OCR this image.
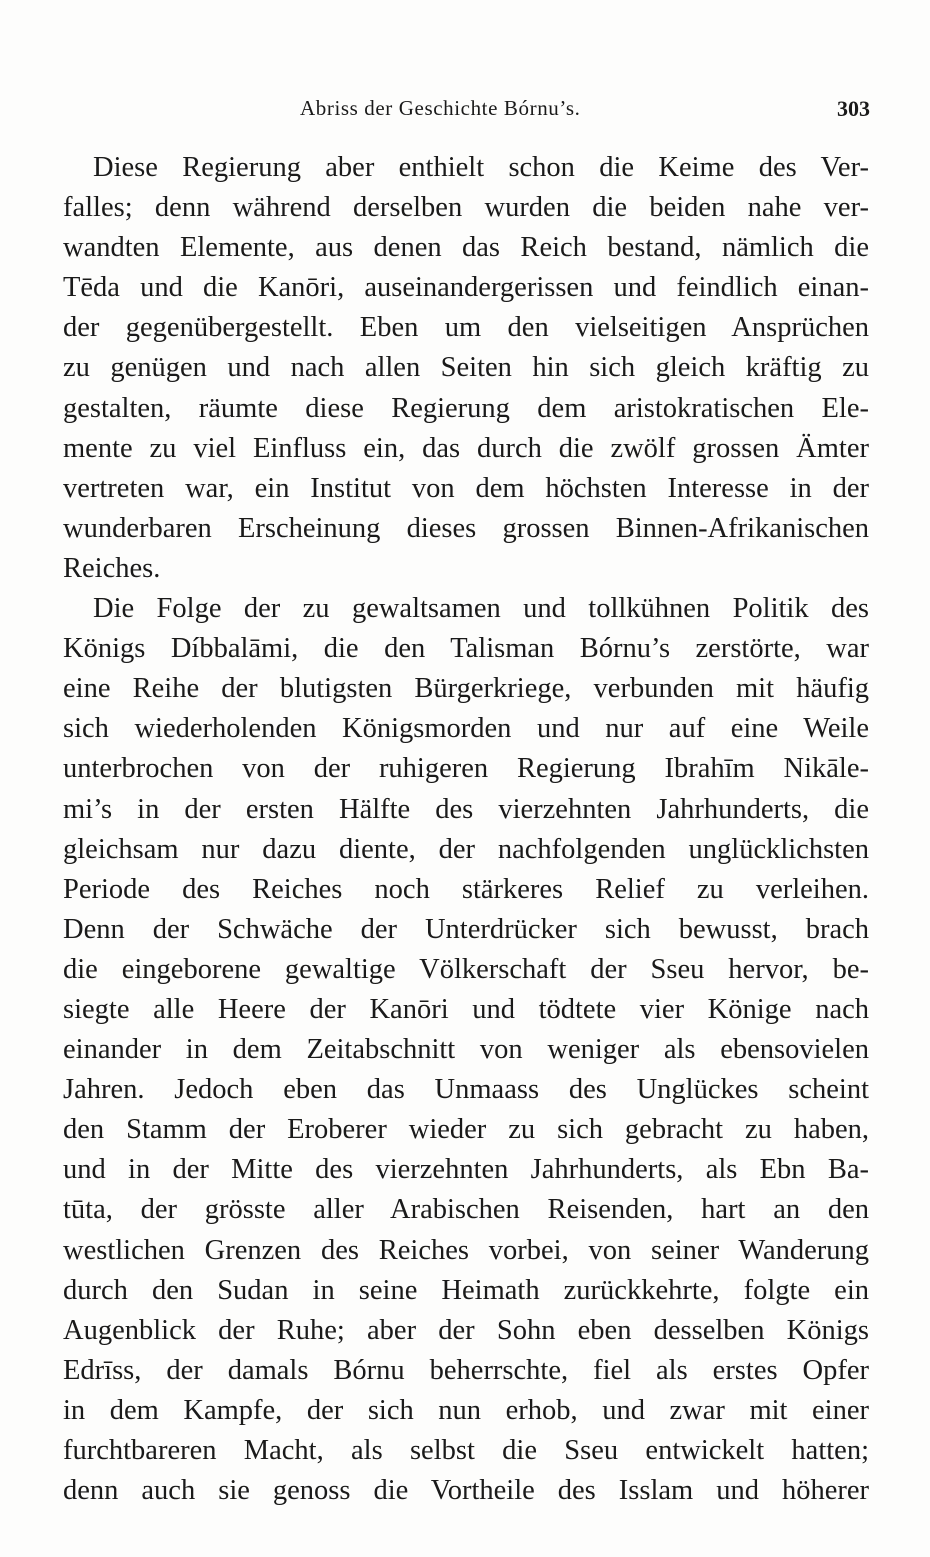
Abriss der Geschichte Bórnu’s.	303
Diese Regierung aber enthielt schon die Keime des Ver-
falles; denn während derselben wurden die beiden nahe ver-
wandten Elemente, aus denen das Reich bestand, nämlich die
Tēda und die Kanōri, auseinandergerissen und feindlich einan-
der gegenübergestellt. Eben um den vielseitigen Ansprüchen
zu genügen und nach allen Seiten hin sich gleich kräftig zu
gestalten, räumte diese Regierung dem aristokratischen Ele-
mente zu viel Einfluss ein, das durch die zwölf grossen Ämter
vertreten war, ein Institut von dem höchsten Interesse in der
wunderbaren Erscheinung dieses grossen Binnen-Afrikanischen
Reiches.
Die Folge der zu gewaltsamen und tollkühnen Politik des
Königs Díbbalāmi, die den Talisman Bórnu’s zerstörte, war
eine Reihe der blutigsten Bürgerkriege, verbunden mit häufig
sich wiederholenden Königsmorden und nur auf eine Weile
unterbrochen von der ruhigeren Regierung Ibrahīm Nikāle-
mi’s in der ersten Hälfte des vierzehnten Jahrhunderts, die
gleichsam nur dazu diente, der nachfolgenden unglücklichsten
Periode des Reiches noch stärkeres Relief zu verleihen.
Denn der Schwäche der Unterdrücker sich bewusst, brach
die eingeborene gewaltige Völkerschaft der Sseu hervor, be-
siegte alle Heere der Kanōri und tödtete vier Könige nach
einander in dem Zeitabschnitt von weniger als ebensovielen
Jahren. Jedoch eben das Unmaass des Unglückes scheint
den Stamm der Eroberer wieder zu sich gebracht zu haben,
und in der Mitte des vierzehnten Jahrhunderts, als Ebn Ba-
tūta, der grösste aller Arabischen Reisenden, hart an den
westlichen Grenzen des Reiches vorbei, von seiner Wanderung
durch den Sudan in seine Heimath zurückkehrte, folgte ein
Augenblick der Ruhe; aber der Sohn eben desselben Königs
Edrīss, der damals Bórnu beherrschte, fiel als erstes Opfer
in dem Kampfe, der sich nun erhob, und zwar mit einer
furchtbareren Macht, als selbst die Sseu entwickelt hatten;
denn auch sie genoss die Vortheile des Isslam und höherer
